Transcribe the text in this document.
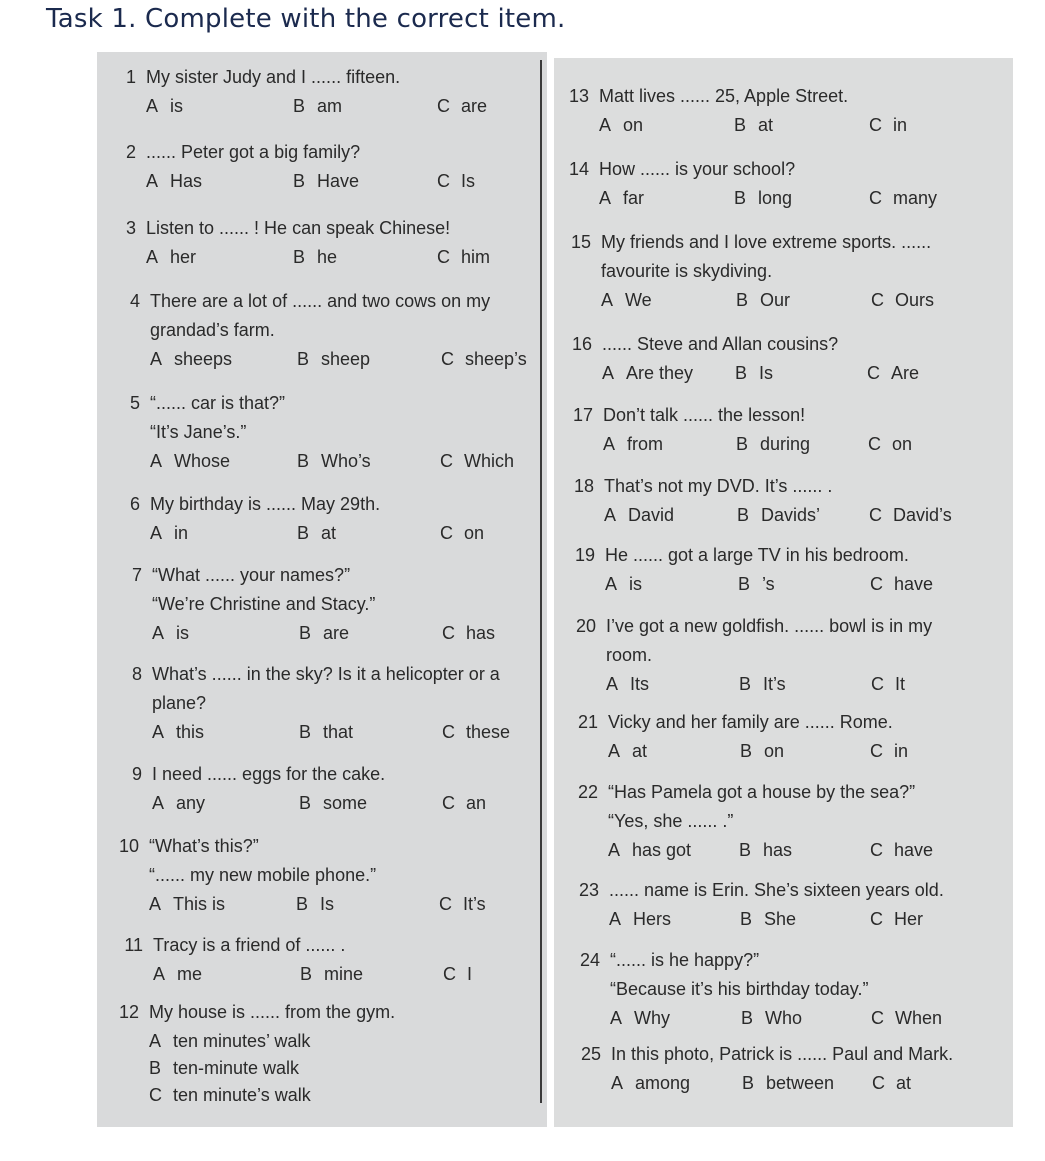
Task 1. Complete with the correct item.
1 My sister Judy and I ...... fifteen.
A is	B am	C are
2 ...... Peter got a big family?
A Has	B Have	C Is
3 Listen to ...... ! He can speak Chinese!
A her	B he	C him
4 There are a lot of ...... and two cows on my
grandad’s farm.
A sheeps	B sheep	C sheep’s
5 “...... car is that?”
“It’s Jane’s.”
A Whose	B Who’s	C Which
6 My birthday is ...... May 29th.
A in	B at	C on
7 “What ...... your names?”
“We’re Christine and Stacy.”
A is	B are	C has
8 What’s ...... in the sky? Is it a helicopter or a
plane?
A this	B that	C these
9 I need ...... eggs for the cake.
A any	B some	C an
10 “What’s this?”
“...... my new mobile phone.”
A This is	B Is	C It’s
11 Tracy is a friend of ...... .
A me	B mine	C I
12 My house is ...... from the gym.
A ten minutes’ walk
B ten-minute walk
C ten minute’s walk
13 Matt lives ...... 25, Apple Street.
A on	B at	C in
14 How ...... is your school?
A far	B long	C many
15 My friends and I love extreme sports. ......
favourite is skydiving.
A We	B Our	C Ours
16 ...... Steve and Allan cousins?
A Are they B Is	C Are
17 Don’t talk ...... the lesson!
A from	B during	C on
18 That’s not my DVD. It’s ...... .
A David	B Davids’	C David’s
19 He ...... got a large TV in his bedroom.
A is	B ’s	C have
20 I’ve got a new goldfish. ...... bowl is in my
room.
A Its	B It’s	C It
21 Vicky and her family are ...... Rome.
A at	B on	C in
22 “Has Pamela got a house by the sea?”
“Yes, she ...... .”
A has got	B has	C have
23 ...... name is Erin. She’s sixteen years old.
A Hers	B She	C Her
24 “...... is he happy?”
“Because it’s his birthday today.”
A Why	B Who	C When
25 In this photo, Patrick is ...... Paul and Mark.
A among	B between C at
